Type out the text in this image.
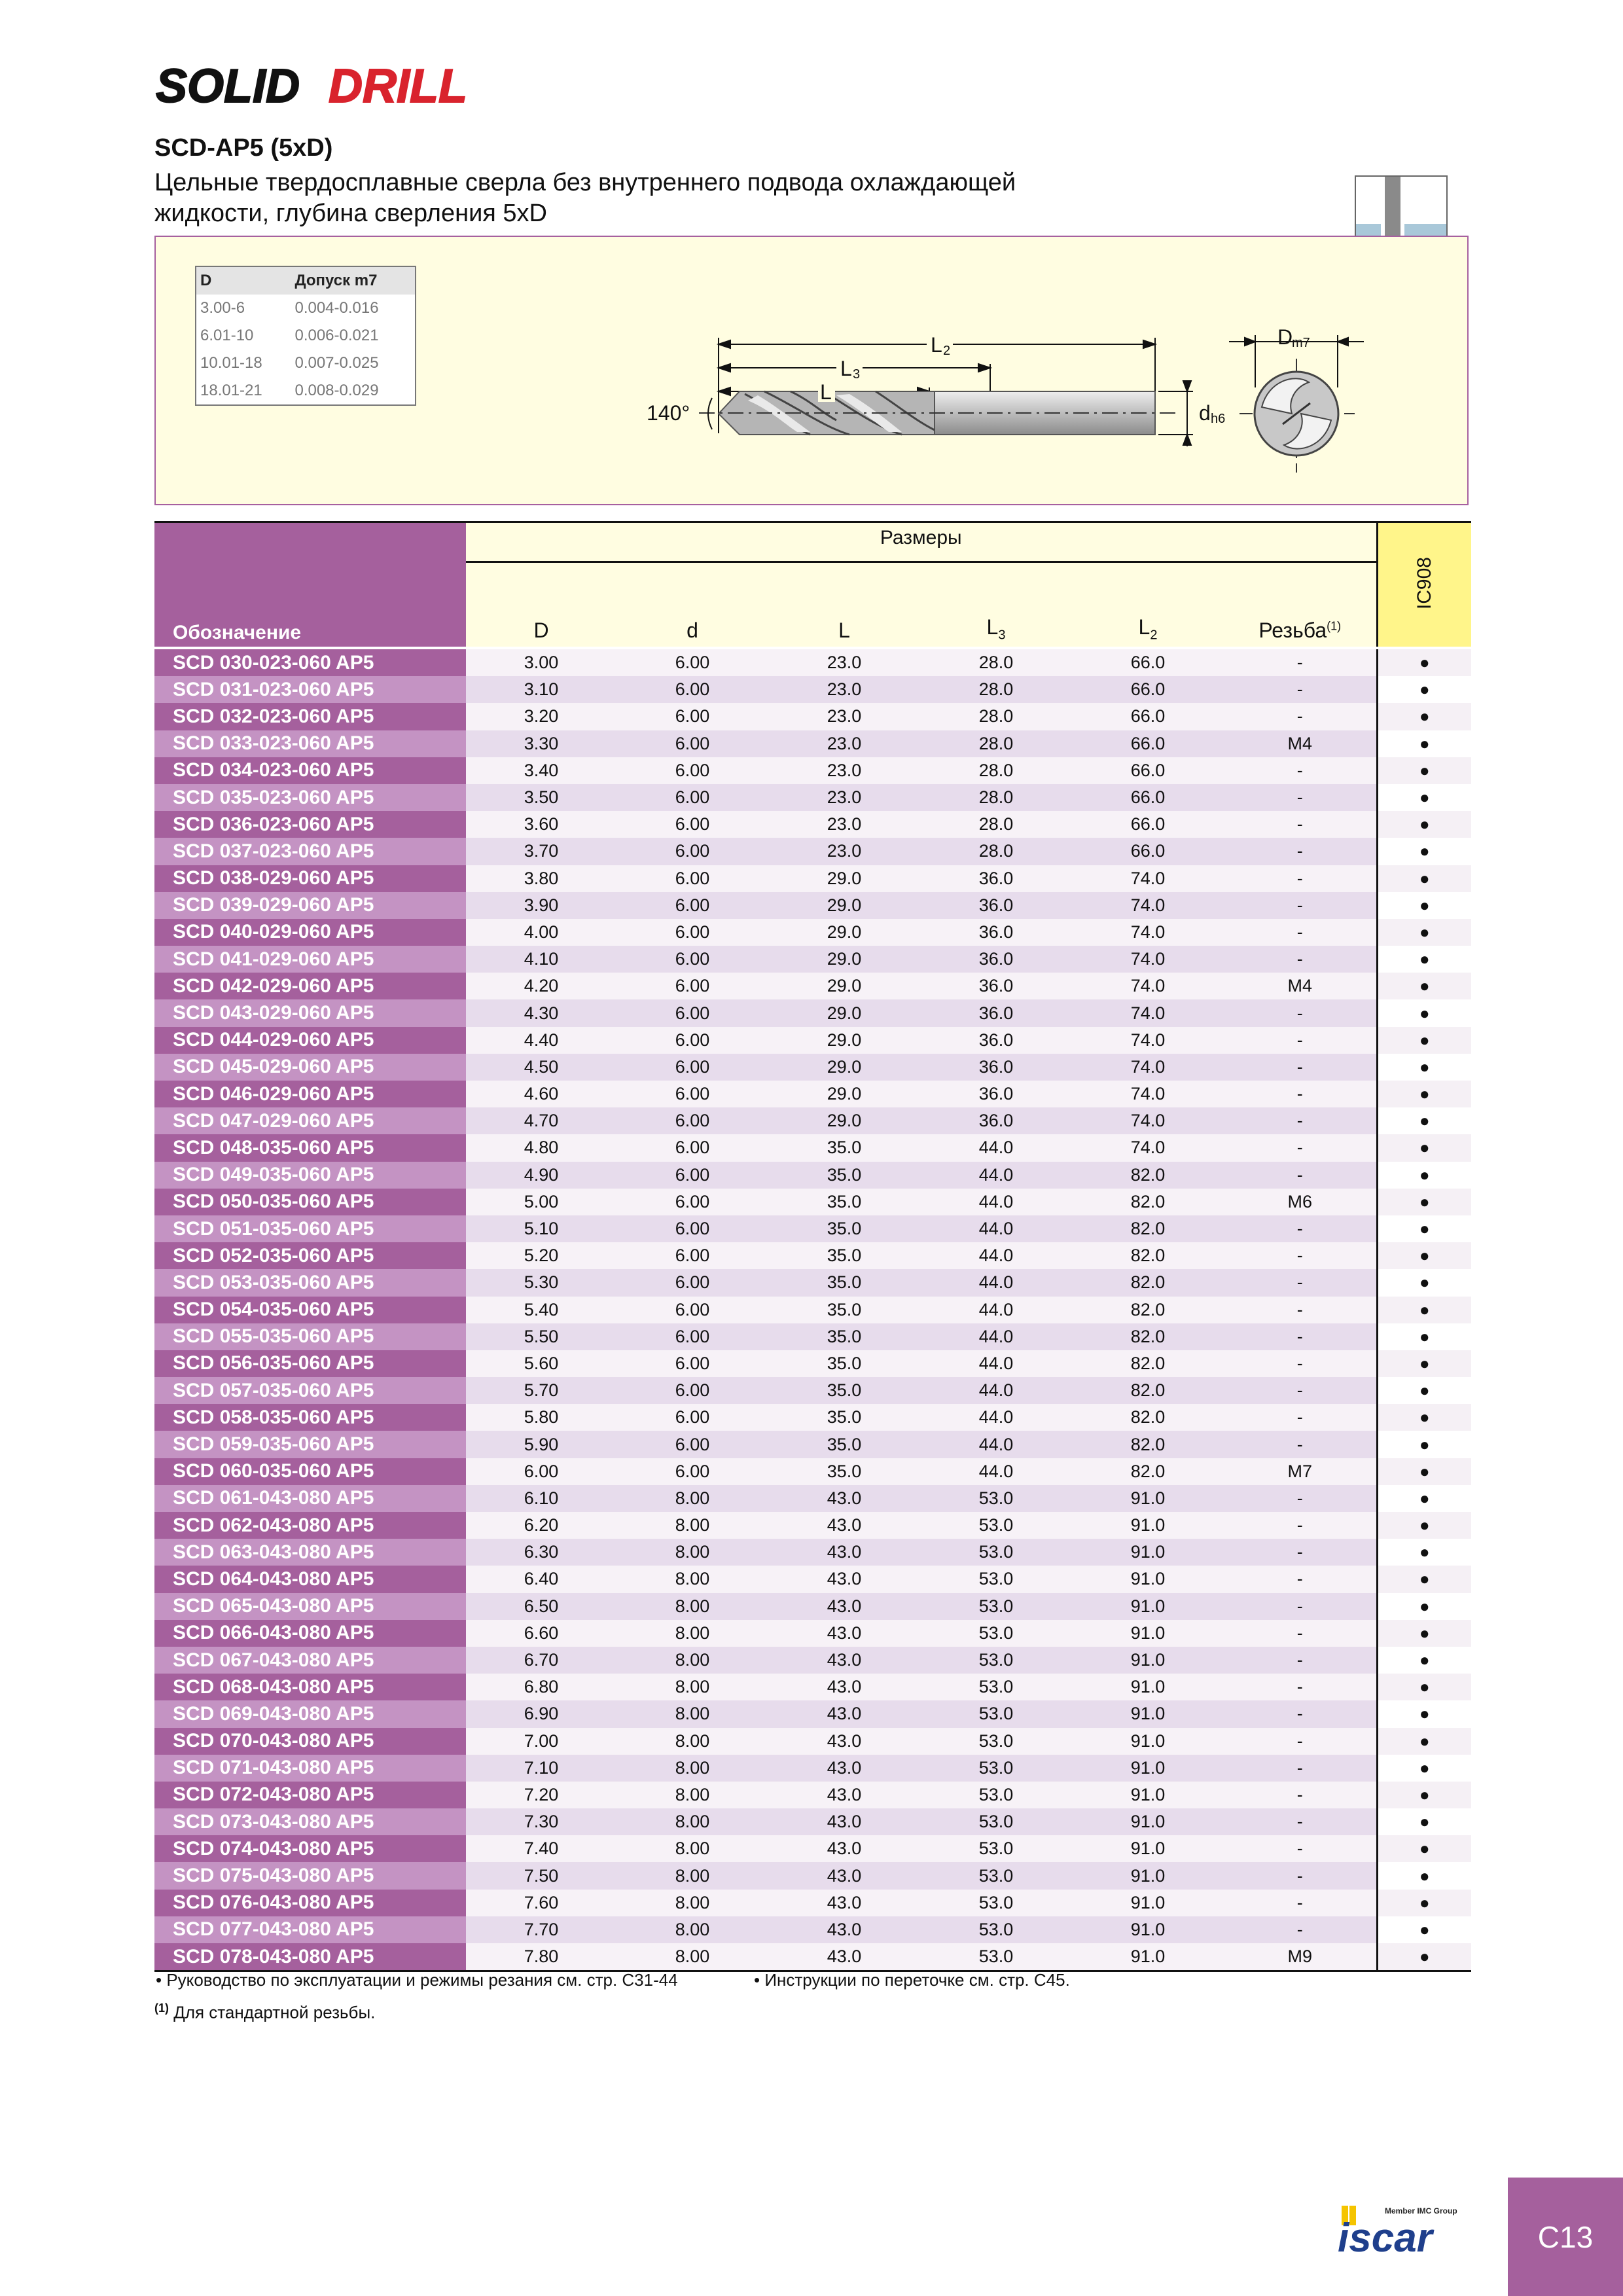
SOLID DRILL
SCD-AP5 (5xD)
Цельные твердосплавные сверла без внутреннего подвода охлаждающей
жидкости, глубина сверления 5xD
D	Допуск m7
3.00-6	0.004-0.016
6.01-10	0.006-0.021
10.01-18	0.007-0.025
18.01-21	0.008-0.029
140°
L 2
L 3
L
d h6
D
m7
Обозначение	Размеры						IC908
	D	d	L	$L_3$	$L_2$	Резьба$^{(1)}$
SCD 030-023-060 AP5	3.00	6.00	23.0	28.0	66.0	-	●
SCD 031-023-060 AP5	3.10	6.00	23.0	28.0	66.0	-	●
SCD 032-023-060 AP5	3.20	6.00	23.0	28.0	66.0	-	●
SCD 033-023-060 AP5	3.30	6.00	23.0	28.0	66.0	M4	●
SCD 034-023-060 AP5	3.40	6.00	23.0	28.0	66.0	-	●
SCD 035-023-060 AP5	3.50	6.00	23.0	28.0	66.0	-	●
SCD 036-023-060 AP5	3.60	6.00	23.0	28.0	66.0	-	●
SCD 037-023-060 AP5	3.70	6.00	23.0	28.0	66.0	-	●
SCD 038-029-060 AP5	3.80	6.00	29.0	36.0	74.0	-	●
SCD 039-029-060 AP5	3.90	6.00	29.0	36.0	74.0	-	●
SCD 040-029-060 AP5	4.00	6.00	29.0	36.0	74.0	-	●
SCD 041-029-060 AP5	4.10	6.00	29.0	36.0	74.0	-	●
SCD 042-029-060 AP5	4.20	6.00	29.0	36.0	74.0	M4	●
SCD 043-029-060 AP5	4.30	6.00	29.0	36.0	74.0	-	●
SCD 044-029-060 AP5	4.40	6.00	29.0	36.0	74.0	-	●
SCD 045-029-060 AP5	4.50	6.00	29.0	36.0	74.0	-	●
SCD 046-029-060 AP5	4.60	6.00	29.0	36.0	74.0	-	●
SCD 047-029-060 AP5	4.70	6.00	29.0	36.0	74.0	-	●
SCD 048-035-060 AP5	4.80	6.00	35.0	44.0	74.0	-	●
SCD 049-035-060 AP5	4.90	6.00	35.0	44.0	82.0	-	●
SCD 050-035-060 AP5	5.00	6.00	35.0	44.0	82.0	M6	●
SCD 051-035-060 AP5	5.10	6.00	35.0	44.0	82.0	-	●
SCD 052-035-060 AP5	5.20	6.00	35.0	44.0	82.0	-	●
SCD 053-035-060 AP5	5.30	6.00	35.0	44.0	82.0	-	●
SCD 054-035-060 AP5	5.40	6.00	35.0	44.0	82.0	-	●
SCD 055-035-060 AP5	5.50	6.00	35.0	44.0	82.0	-	●
SCD 056-035-060 AP5	5.60	6.00	35.0	44.0	82.0	-	●
SCD 057-035-060 AP5	5.70	6.00	35.0	44.0	82.0	-	●
SCD 058-035-060 AP5	5.80	6.00	35.0	44.0	82.0	-	●
SCD 059-035-060 AP5	5.90	6.00	35.0	44.0	82.0	-	●
SCD 060-035-060 AP5	6.00	6.00	35.0	44.0	82.0	M7	●
SCD 061-043-080 AP5	6.10	8.00	43.0	53.0	91.0	-	●
SCD 062-043-080 AP5	6.20	8.00	43.0	53.0	91.0	-	●
SCD 063-043-080 AP5	6.30	8.00	43.0	53.0	91.0	-	●
SCD 064-043-080 AP5	6.40	8.00	43.0	53.0	91.0	-	●
SCD 065-043-080 AP5	6.50	8.00	43.0	53.0	91.0	-	●
SCD 066-043-080 AP5	6.60	8.00	43.0	53.0	91.0	-	●
SCD 067-043-080 AP5	6.70	8.00	43.0	53.0	91.0	-	●
SCD 068-043-080 AP5	6.80	8.00	43.0	53.0	91.0	-	●
SCD 069-043-080 AP5	6.90	8.00	43.0	53.0	91.0	-	●
SCD 070-043-080 AP5	7.00	8.00	43.0	53.0	91.0	-	●
SCD 071-043-080 AP5	7.10	8.00	43.0	53.0	91.0	-	●
SCD 072-043-080 AP5	7.20	8.00	43.0	53.0	91.0	-	●
SCD 073-043-080 AP5	7.30	8.00	43.0	53.0	91.0	-	●
SCD 074-043-080 AP5	7.40	8.00	43.0	53.0	91.0	-	●
SCD 075-043-080 AP5	7.50	8.00	43.0	53.0	91.0	-	●
SCD 076-043-080 AP5	7.60	8.00	43.0	53.0	91.0	-	●
SCD 077-043-080 AP5	7.70	8.00	43.0	53.0	91.0	-	●
SCD 078-043-080 AP5	7.80	8.00	43.0	53.0	91.0	M9	●
• Руководство по эксплуатации и режимы резания см. стр. C31-44	• Инструкции по переточке см. стр. C45.
$^{(1)}$ Для стандартной резьбы.
Member IMC Group
iscar	C13
